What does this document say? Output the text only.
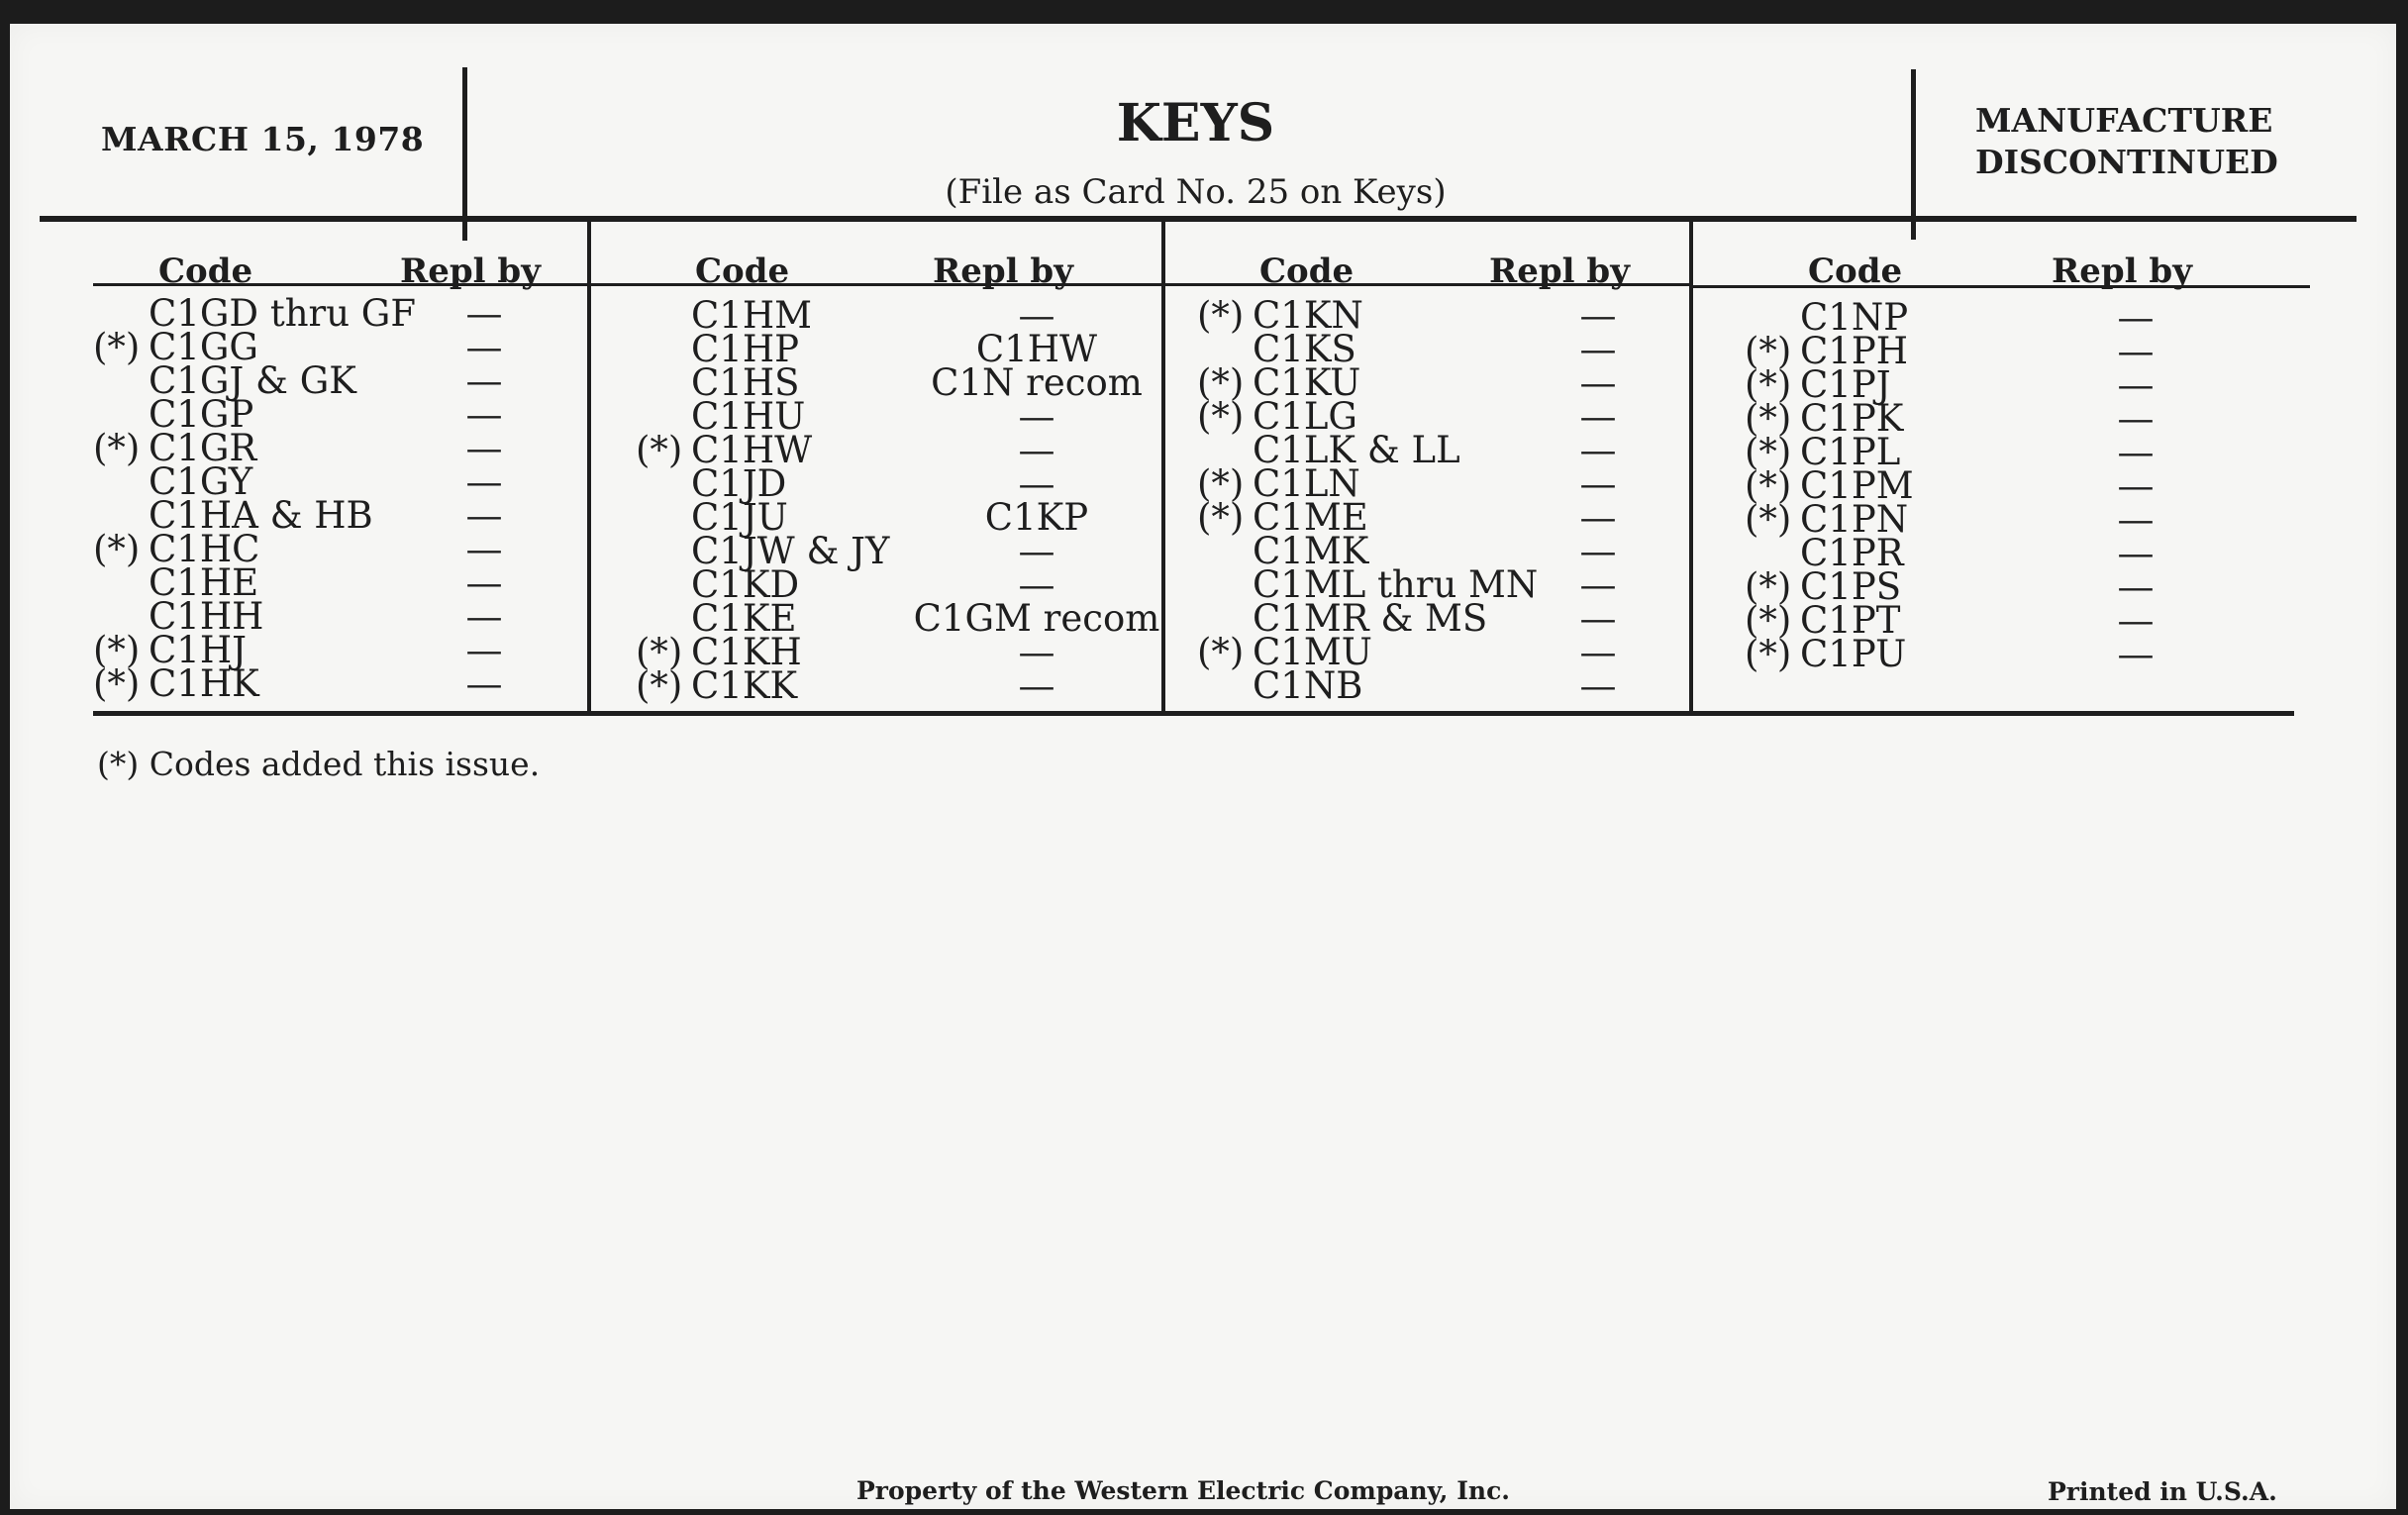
MARCH 15, 1978	KEYS
(File as Card No. 25 on Keys)
MANUFACTURE
DISCONTINUED
Code	Repl by
C1GD thru GF	—
(*) C1GG	—
C1GJ & GK	—
C1GP	—
(*) C1GR	—
C1GY	—
C1HA & HB	—
(*) C1HC	—
C1HE	—
C1HH	—
(*) C1HJ	—
(*) C1HK	—
Code	Repl by
C1HM	—
C1HP	C1HW
C1HS	C1N recom
C1HU	—
(*) C1HW	—
C1JD	—
C1JU	C1KP
C1JW & JY	—
C1KD	—
C1KE	C1GM recom
(*) C1KH	—
(*) C1KK	—
Code	Repl by
(*) C1KN	—
C1KS	—
(*) C1KU	—
(*) C1LG	—
C1LK & LL	—
(*) C1LN	—
(*) C1ME	—
C1MK	—
C1ML thru MN	—
C1MR & MS	—
(*) C1MU	—
C1NB	—
Code	Repl by
C1NP	—
(*) C1PH	—
(*) C1PJ	—
(*) C1PK	—
(*) C1PL	—
(*) C1PM	—
(*) C1PN	—
C1PR	—
(*) C1PS	—
(*) C1PT	—
(*) C1PU	—
(*) Codes added this issue.
Property of the Western Electric Company, Inc.	Printed in U.S.A.
